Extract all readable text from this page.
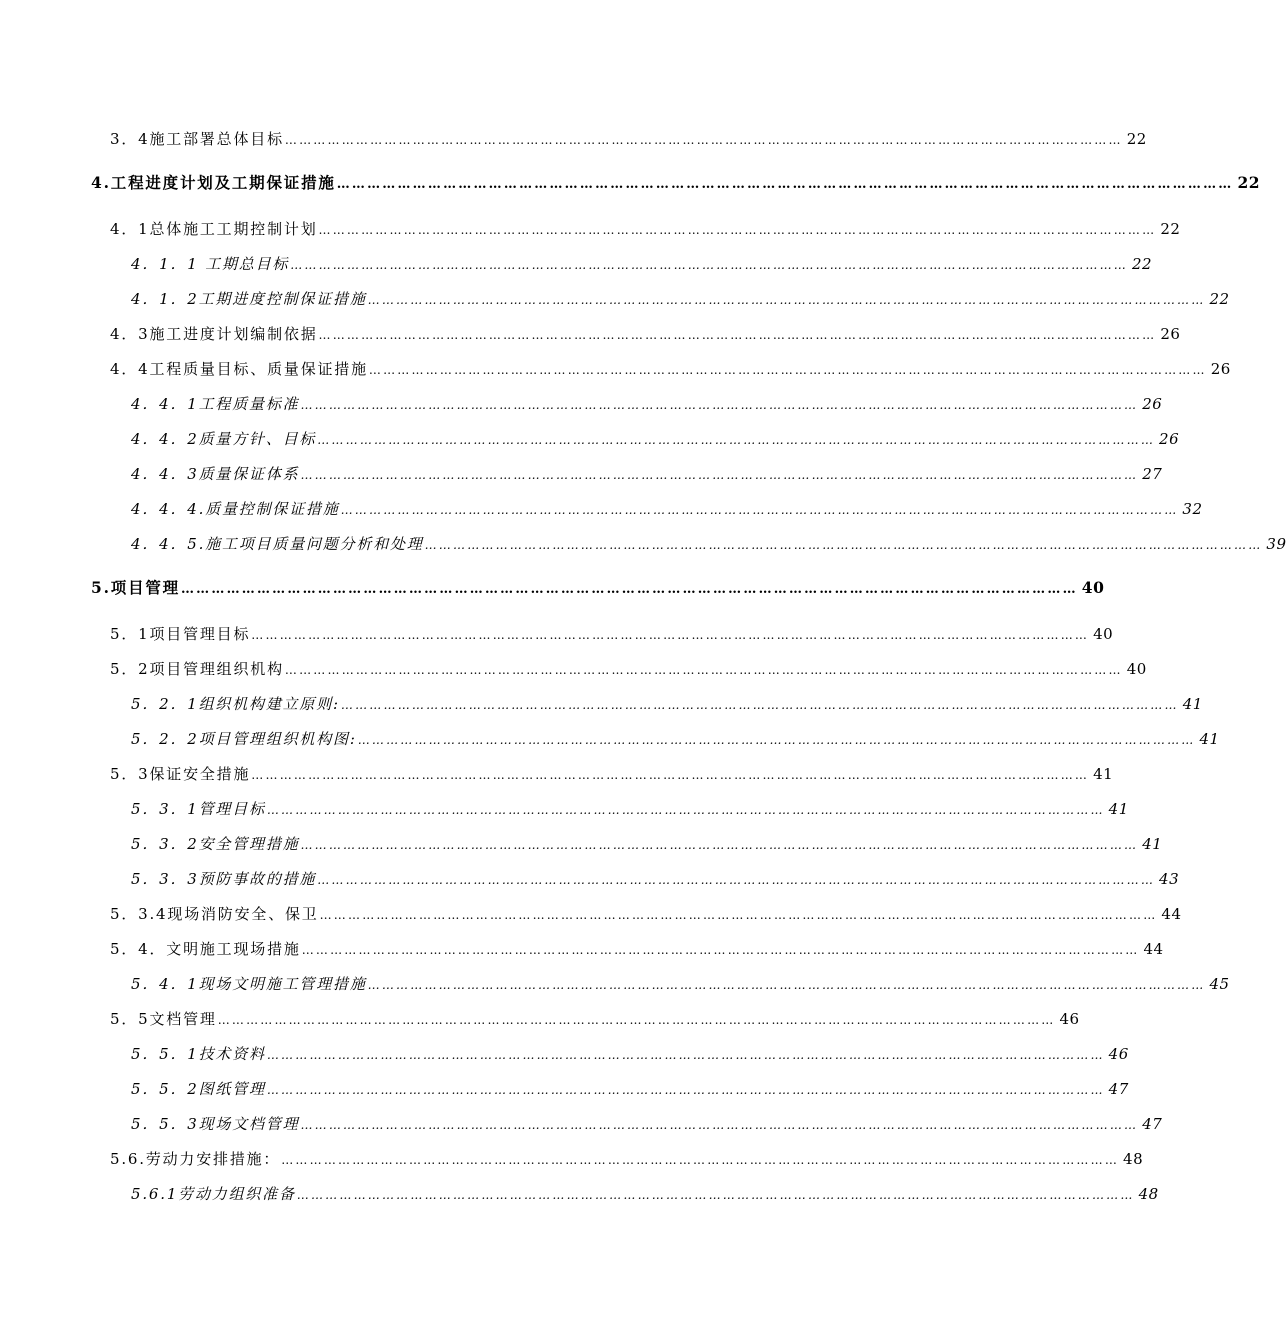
3．4施工部署总体目标 …………………………………………………………………………………………………………………………………………………………… 22
4. 工程进度计划及工期保证措施 …………………………………………………………………………………………………………………………………………………………… 22
4．1总体施工工期控制计划 …………………………………………………………………………………………………………………………………………………………… 22
4．1．1 工期总目标 …………………………………………………………………………………………………………………………………………………………… 22
4．1．2工期进度控制保证措施 …………………………………………………………………………………………………………………………………………………………… 22
4．3施工进度计划编制依据 …………………………………………………………………………………………………………………………………………………………… 26
4．4工程质量目标、质量保证措施 …………………………………………………………………………………………………………………………………………………………… 26
4．4．1工程质量标准 …………………………………………………………………………………………………………………………………………………………… 26
4．4．2质量方针、目标 …………………………………………………………………………………………………………………………………………………………… 26
4．4．3质量保证体系 …………………………………………………………………………………………………………………………………………………………… 27
4．4．4.质量控制保证措施 …………………………………………………………………………………………………………………………………………………………… 32
4．4．5.施工项目质量问题分析和处理 …………………………………………………………………………………………………………………………………………………………… 39
5. 项目管理 …………………………………………………………………………………………………………………………………………………………… 40
5．1项目管理目标 …………………………………………………………………………………………………………………………………………………………… 40
5．2项目管理组织机构 …………………………………………………………………………………………………………………………………………………………… 40
5．2．1组织机构建立原则: …………………………………………………………………………………………………………………………………………………………… 41
5．2．2项目管理组织机构图: …………………………………………………………………………………………………………………………………………………………… 41
5．3保证安全措施 …………………………………………………………………………………………………………………………………………………………… 41
5．3．1管理目标 …………………………………………………………………………………………………………………………………………………………… 41
5．3．2安全管理措施 …………………………………………………………………………………………………………………………………………………………… 41
5．3．3预防事故的措施 …………………………………………………………………………………………………………………………………………………………… 43
5．3.4现场消防安全、保卫 …………………………………………………………………………………………………………………………………………………………… 44
5．4．文明施工现场措施 …………………………………………………………………………………………………………………………………………………………… 44
5．4．1现场文明施工管理措施 …………………………………………………………………………………………………………………………………………………………… 45
5．5文档管理 …………………………………………………………………………………………………………………………………………………………… 46
5．5．1技术资料 …………………………………………………………………………………………………………………………………………………………… 46
5．5．2图纸管理 …………………………………………………………………………………………………………………………………………………………… 47
5．5．3现场文档管理 …………………………………………………………………………………………………………………………………………………………… 47
5.6.劳动力安排措施： …………………………………………………………………………………………………………………………………………………………… 48
5.6.1劳动力组织准备 …………………………………………………………………………………………………………………………………………………………… 48
